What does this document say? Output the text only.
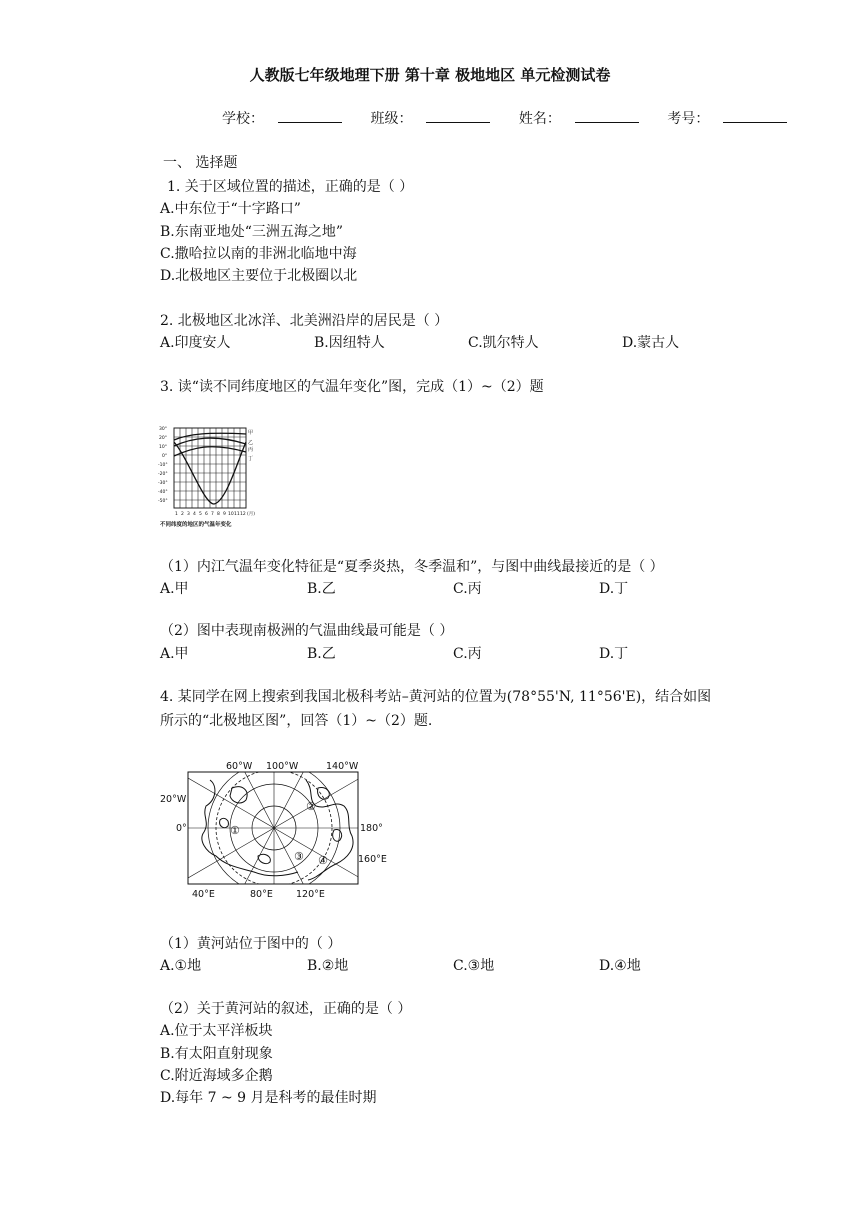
人教版七年级地理下册 第十章 极地地区 单元检测试卷
学校：	班级：	姓名：	考号：
一、 选择题
1. 关于区域位置的描述，正确的是（ ）
A.中东位于“十字路口”
B.东南亚地处“三洲五海之地”
C.撒哈拉以南的非洲北临地中海
D.北极地区主要位于北极圈以北
2. 北极地区北冰洋、北美洲沿岸的居民是（ ）
A.印度安人	B.因纽特人	C.凯尔特人	D.蒙古人
3. 读“读不同纬度地区的气温年变化”图，完成（1）~（2）题
30°
20°
10°
0°
-10°
-20°
-30°
-40°
-50°
1 2 3 4 5 6 7 8 9 10 11 12 (月)
甲
乙
丙
丁
不同纬度的地区的气温年变化
（1）内江气温年变化特征是“夏季炎热，冬季温和”，与图中曲线最接近的是（ ）
A.甲	B.乙	C.丙	D.丁
（2）图中表现南极洲的气温曲线最可能是（ ）
A.甲	B.乙	C.丙	D.丁
4. 某同学在网上搜索到我国北极科考站–黄河站的位置为(78°55'N, 11°56'E)，结合如图
所示的“北极地区图”，回答（1）~（2）题.
①
②
③ ④
60°W 100°W	140°W
20°W
0°	180°
160°E
40°E	80°E 120°E
（1）黄河站位于图中的（ ）
A.①地	B.②地	C.③地	D.④地
（2）关于黄河站的叙述，正确的是（ ）
A.位于太平洋板块
B.有太阳直射现象
C.附近海域多企鹅
D.每年 7 ~ 9 月是科考的最佳时期
